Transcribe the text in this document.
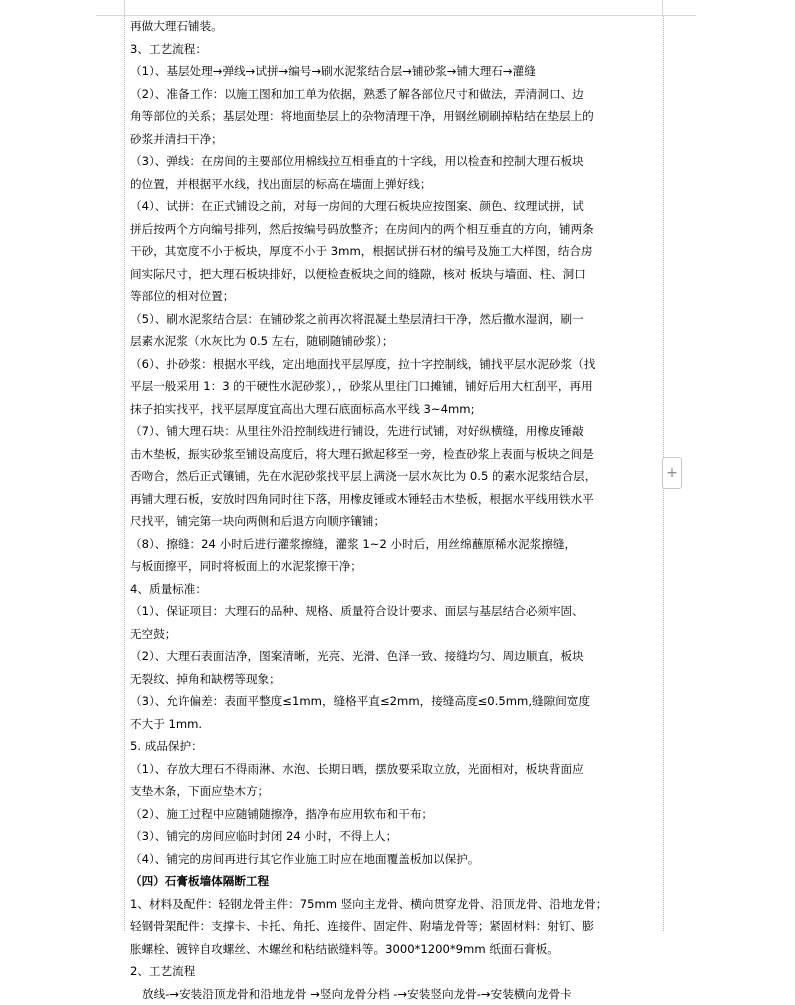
再做大理石铺装。
3、工艺流程：
（1）、基层处理→弹线→试拼→编号→刷水泥浆结合层→铺砂浆→铺大理石→灌缝
（2）、准备工作：以施工图和加工单为依据，熟悉了解各部位尺寸和做法，弄清洞口、边
角等部位的关系；基层处理：将地面垫层上的杂物清理干净，用钢丝刷刷掉粘结在垫层上的
砂浆并清扫干净；
（3）、弹线：在房间的主要部位用棉线拉互相垂直的十字线，用以检查和控制大理石板块
的位置，并根据平水线，找出面层的标高在墙面上弹好线；
（4）、试拼：在正式铺设之前，对每一房间的大理石板块应按图案、颜色、纹理试拼，试
拼后按两个方向编号排列，然后按编号码放整齐；在房间内的两个相互垂直的方向，铺两条
干砂，其宽度不小于板块，厚度不小于 3mm，根据试拼石材的编号及施工大样图，结合房
间实际尺寸，把大理石板块排好，以便检查板块之间的缝隙，核对 板块与墙面、柱、洞口
等部位的相对位置；
（5）、刷水泥浆结合层：在铺砂浆之前再次将混凝土垫层清扫干净，然后撒水湿润，刷一
层素水泥浆（水灰比为 0.5 左右，随刷随铺砂浆）；
（6）、扑砂浆：根据水平线，定出地面找平层厚度，拉十字控制线，铺找平层水泥砂浆（找
平层一般采用 1：3 的干硬性水泥砂浆），，砂浆从里往门口摊铺，铺好后用大杠刮平，再用
抹子拍实找平，找平层厚度宜高出大理石底面标高水平线 3~4mm;
（7）、铺大理石块：从里往外沿控制线进行铺设，先进行试铺，对好纵横缝，用橡皮锤敲
击木垫板，振实砂浆至铺设高度后，将大理石掀起移至一旁，检查砂浆上表面与板块之间是
否吻合，然后正式镶铺，先在水泥砂浆找平层上满浇一层水灰比为 0.5 的素水泥浆结合层，
再铺大理石板，安放时四角同时往下落，用橡皮锤或木锤轻击木垫板，根据水平线用铁水平
尺找平，铺完第一块向两侧和后退方向顺序镶铺；
（8）、擦缝：24 小时后进行灌浆擦缝，灌浆 1~2 小时后，用丝绵蘸原稀水泥浆擦缝，
与板面擦平，同时将板面上的水泥浆擦干净；
4、质量标准：
（1）、保证项目：大理石的品种、规格、质量符合设计要求、面层与基层结合必须牢固、
无空鼓；
（2）、大理石表面洁净，图案清晰，光亮、光滑、色泽一致、接缝均匀、周边顺直，板块
无裂纹、掉角和缺楞等现象；
（3）、允许偏差：表面平整度≤1mm，缝格平直≤2mm，接缝高度≤0.5mm,缝隙间宽度
不大于 1mm.
5. 成品保护：
（1）、存放大理石不得雨淋、水泡、长期日晒，摆放要采取立放，光面相对，板块背面应
支垫木条，下面应垫木方；
（2）、施工过程中应随铺随擦净，揩净布应用软布和干布；
（3）、铺完的房间应临时封闭 24 小时，不得上人；
（4）、铺完的房间再进行其它作业施工时应在地面覆盖板加以保护。
（四）石膏板墙体隔断工程
1、材料及配件：轻钢龙骨主件：75mm 竖向主龙骨、横向贯穿龙骨、沿顶龙骨、沿地龙骨；
轻钢骨架配件：支撑卡、卡托、角托、连接件、固定件、附墙龙骨等；紧固材料：射钉、膨
胀螺栓、镀锌自攻螺丝、木螺丝和粘结嵌缝料等。3000*1200*9mm 纸面石膏板。
2、工艺流程
放线-→安装沿顶龙骨和沿地龙骨 →竖向龙骨分档 -→安装竖向龙骨-→安装横向龙骨卡
+
